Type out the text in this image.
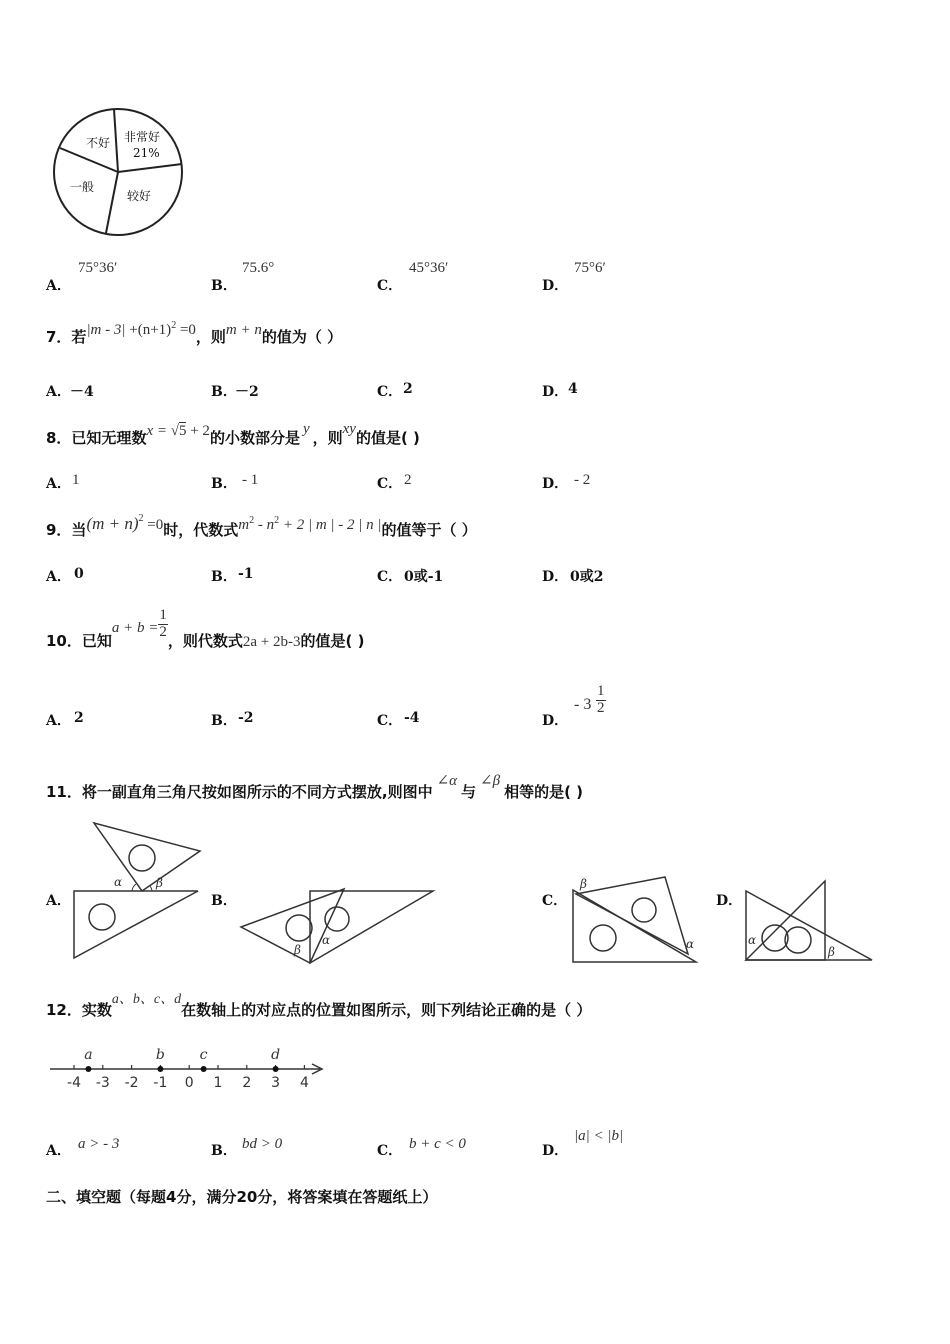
不好 非常好
21%
一般
较好
A．
75°36′
B．
75.6°
C．
45°36′
D．
75°6′
7．若$|m - 3| +(n+1)^2 =0$，则m + n的值为（ ）
A． －4	B．
－2	C． 2	D． 4
8．已知无理数x = √5 + 2的小数部分是 y ，则xy的值是( )
A． 1	B． - 1	C． 2	D． - 2
9．当$(m + n)^2 =0$时，代数式$m^2 - n^2 + 2$ | m | - 2 | n |的值等于（ ）
A． 0	B． -1	C． 0或-1	D． 0或2
10．已知$a + b = \frac{1}{2}$
，则代数式2a + 2b-3的值是( )
A． 2	B． -2	C． -4	D．
- $3 \frac{1}{2}$
11．将一副直角三角尺按如图所示的不同方式摆放,则图中∠α与∠β相等的是( )
A．
α	β
B．
β
α
C．
β
α
D．
α
β
12．实数a、b、c、d在数轴上的对应点的位置如图所示，则下列结论正确的是（ ）
-4 -3 -2 -1 0 1 2 3 4
a	b c	d
A． a > - 3	B． bd > 0	C． b + c < 0	D．
|a| < |b|
二、填空题（每题4分，满分20分，将答案填在答题纸上）
